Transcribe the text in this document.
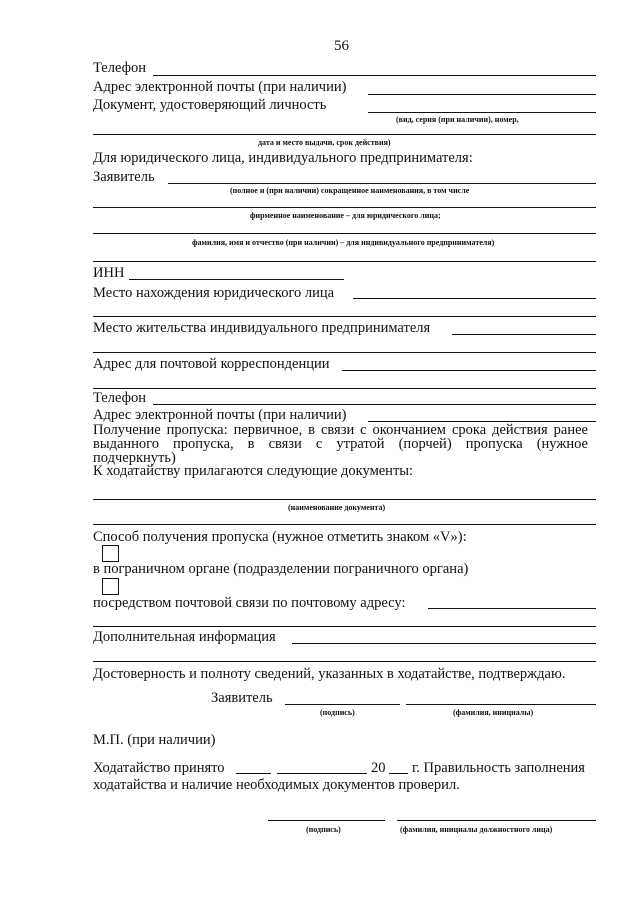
56
Телефон
Адрес электронной почты (при наличии)
Документ, удостоверяющий личность
(вид, серия (при наличии), номер,
дата и место выдачи, срок действия)
Для юридического лица, индивидуального предпринимателя:
Заявитель
(полное и (при наличии) сокращенное наименования, в том числе
фирменное наименование – для юридического лица;
фамилия, имя и отчество (при наличии) – для индивидуального предпринимателя)
ИНН
Место нахождения юридического лица
Место жительства индивидуального предпринимателя
Адрес для почтовой корреспонденции
Телефон
Адрес электронной почты (при наличии)
Получение пропуска: первичное, в связи с окончанием срока действия ранее выданного пропуска, в связи с утратой (порчей) пропуска (нужное подчеркнуть)
К ходатайству прилагаются следующие документы:
(наименование документа)
Способ получения пропуска (нужное отметить знаком «V»):
в пограничном органе (подразделении пограничного органа)
посредством почтовой связи по почтовому адресу:
Дополнительная информация
Достоверность и полноту сведений, указанных в ходатайстве, подтверждаю.
Заявитель
(подпись)	(фамилия, инициалы)
М.П. (при наличии)
Ходатайство принято	20 г. Правильность заполнения
ходатайства и наличие необходимых документов проверил.
(подпись)	(фамилия, инициалы должностного лица)
